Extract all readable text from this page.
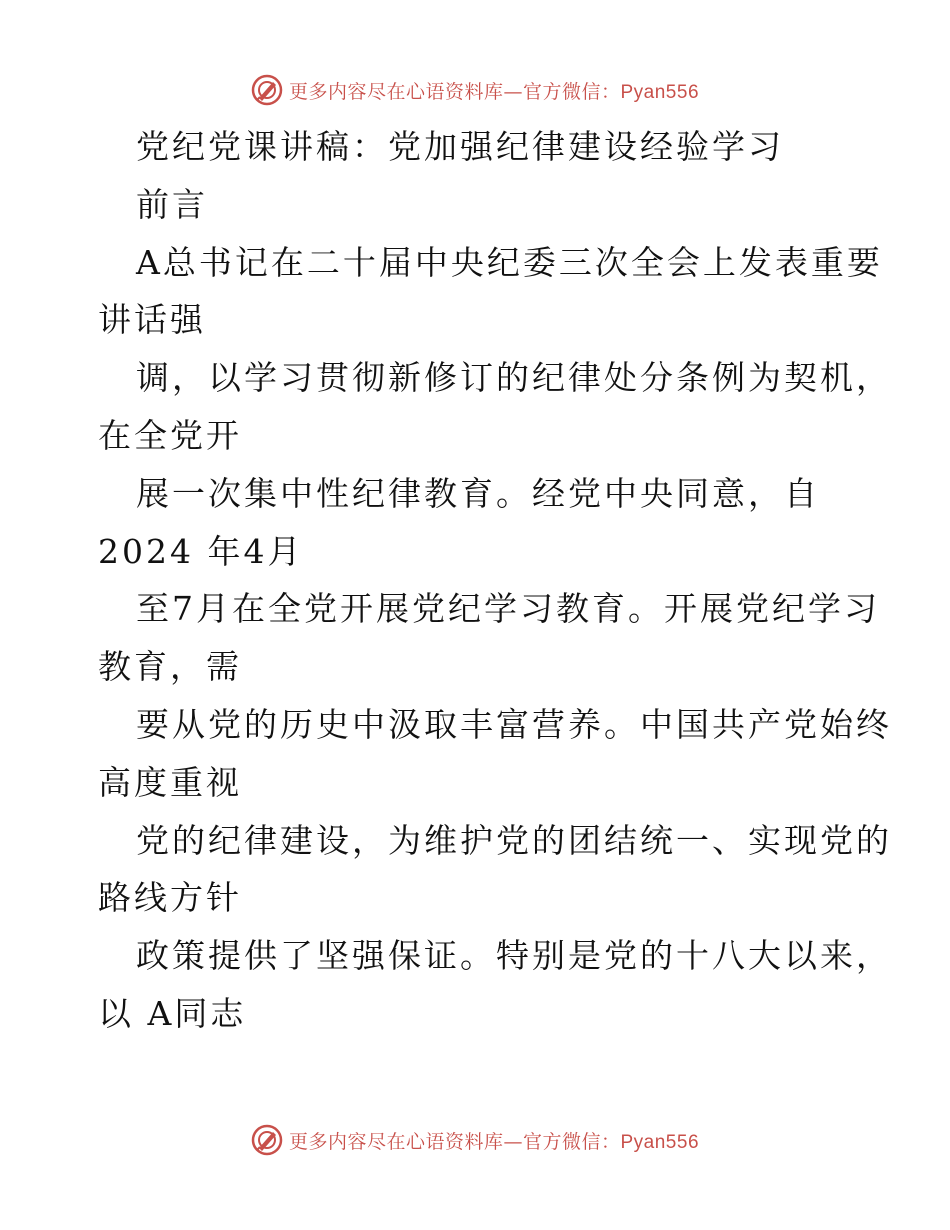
更多内容尽在心语资料库—官方微信：Pyan556
党纪党课讲稿：党加强纪律建设经验学习
前言
A总书记在二十届中央纪委三次全会上发表重要
讲话强
调，以学习贯彻新修订的纪律处分条例为契机，
在全党开
展一次集中性纪律教育。经党中央同意，自
2024 年4月
至7月在全党开展党纪学习教育。开展党纪学习
教育，需
要从党的历史中汲取丰富营养。中国共产党始终
高度重视
党的纪律建设，为维护党的团结统一、实现党的
路线方针
政策提供了坚强保证。特别是党的十八大以来，
以 A同志
更多内容尽在心语资料库—官方微信：Pyan556
